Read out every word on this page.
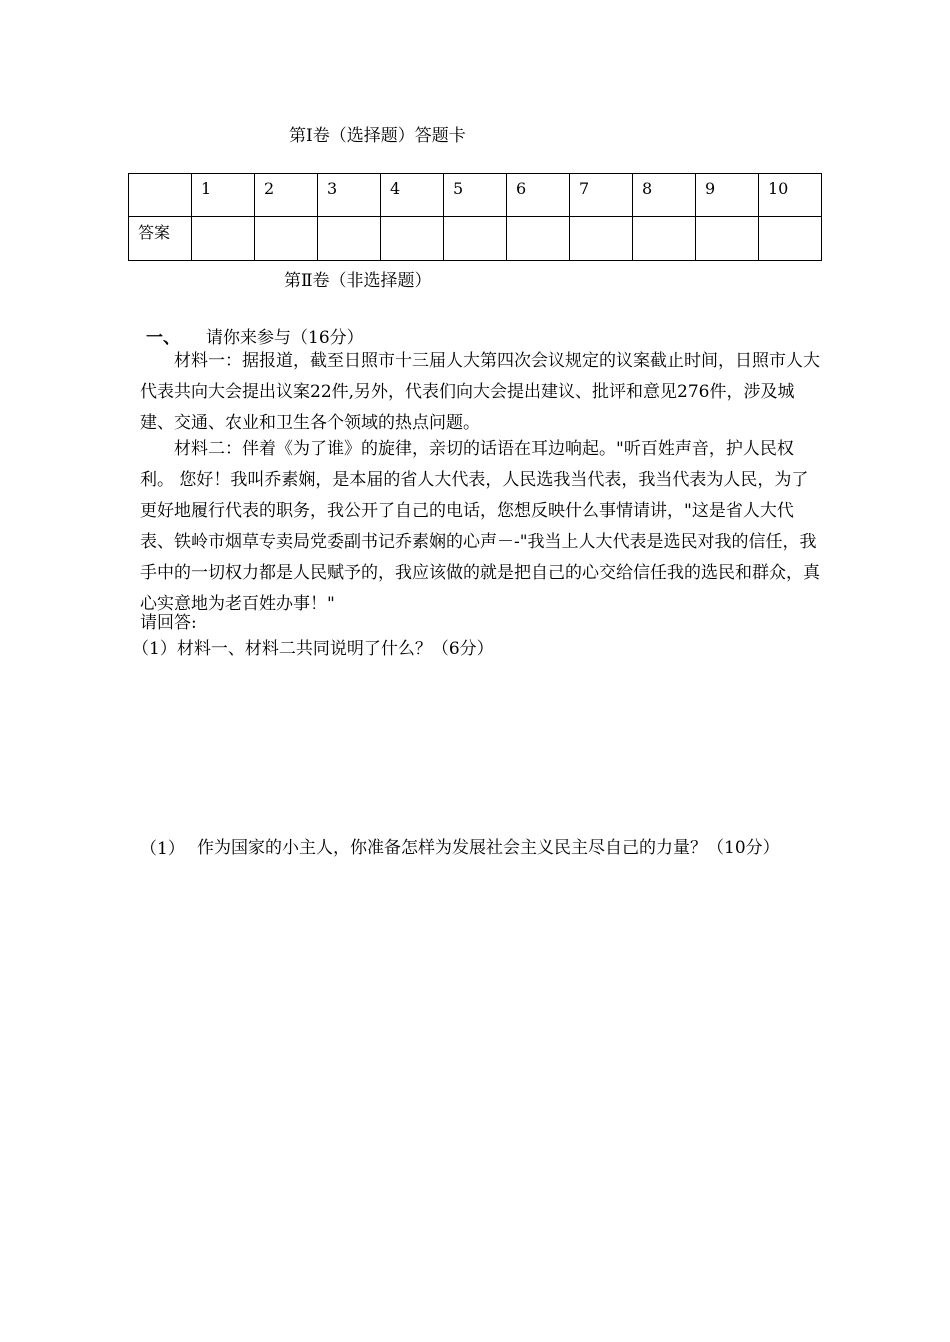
第Ⅰ卷（选择题）答题卡
	1	2	3	4	5	6	7	8	9	10
答案										
第Ⅱ卷（非选择题）
一、 请你来参与（16分）
材料一：据报道，截至日照市十三届人大第四次会议规定的议案截止时间，日照市人大 代表共向大会提出议案22件,另外，代表们向大会提出建议、批评和意见276件，涉及城建、交通、农业和卫生各个领域的热点问题。
材料二：伴着《为了谁》的旋律，亲切的话语在耳边响起。"听百姓声音，护人民权利。 您好！我叫乔素娴，是本届的省人大代表，人民选我当代表，我当代表为人民，为了更好地履行代表的职务，我公开了自己的电话，您想反映什么事情请讲，"这是省人大代表、铁岭市烟草专卖局党委副书记乔素娴的心声－-"我当上人大代表是选民对我的信任，我手中的一切权力都是人民赋予的，我应该做的就是把自己的心交给信任我的选民和群众，真心实意地为老百姓办事！"
请回答:
（1）材料一、材料二共同说明了什么？（6分）
（1） 作为国家的小主人，你准备怎样为发展社会主义民主尽自己的力量？（10分）
